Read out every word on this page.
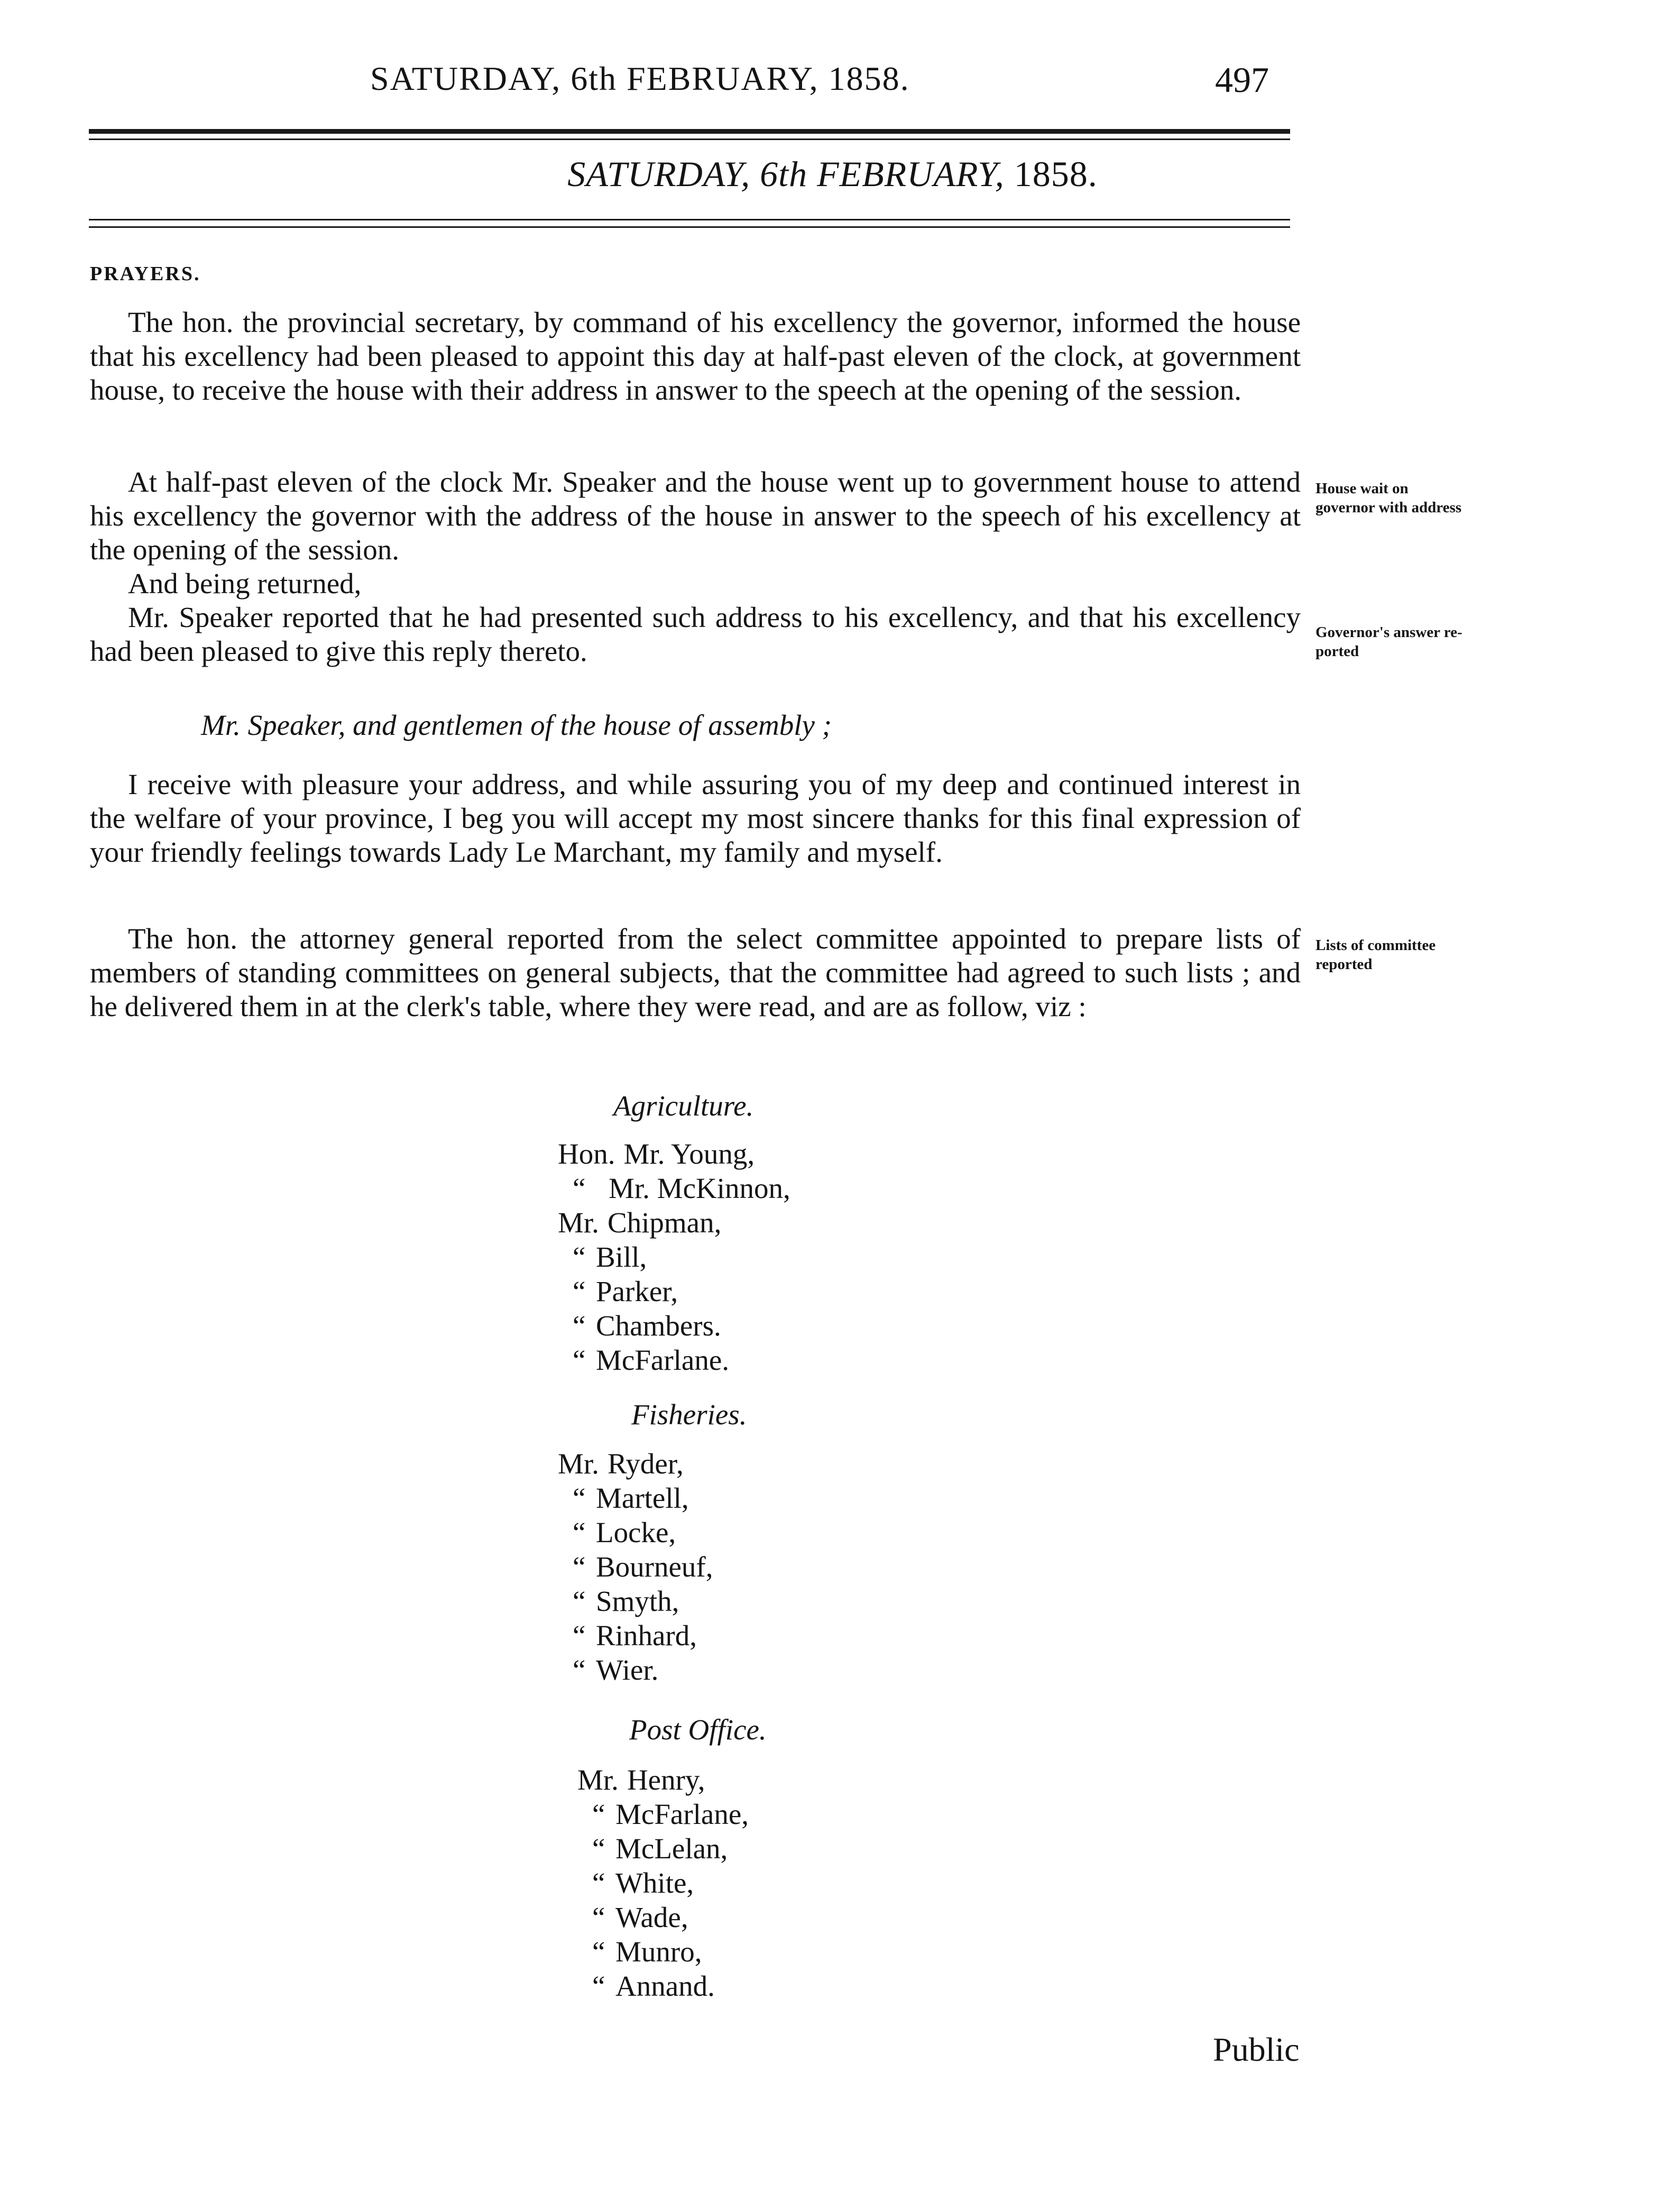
SATURDAY, 6th FEBRUARY, 1858.	497
SATURDAY, 6th FEBRUARY, 1858.
PRAYERS.
The hon. the provincial secretary, by command of his excellency the governor, informed the house that his excellency had been pleased to appoint this day at half-past eleven of the clock, at government house, to receive the house with their address in answer to the speech at the opening of the session.
At half-past eleven of the clock Mr. Speaker and the house went up to government house to attend his excellency the governor with the address of the house in answer to the speech of his excellency at the opening of the session.
House wait on
governor with address
And being returned,
Mr. Speaker reported that he had presented such address to his excellency, and that his excellency had been pleased to give this reply thereto.
Governor's answer re-
ported
Mr. Speaker, and gentlemen of the house of assembly ;
I receive with pleasure your address, and while assuring you of my deep and continued interest in the welfare of your province, I beg you will accept my most sincere thanks for this final expression of your friendly feelings towards Lady Le Marchant, my family and myself.
The hon. the attorney general reported from the select committee appointed to prepare lists of members of standing committees on general subjects, that the committee had agreed to such lists ; and he delivered them in at the clerk's table, where they were read, and are as follow, viz :
Lists of committee
reported
Agriculture.
Hon. Mr. Young,
“ Mr. McKinnon,
Mr. Chipman,
“ Bill,
“ Parker,
“ Chambers.
“ McFarlane.
Fisheries.
Mr. Ryder,
“ Martell,
“ Locke,
“ Bourneuf,
“ Smyth,
“ Rinhard,
“ Wier.
Post Office.
Mr. Henry,
“ McFarlane,
“ McLelan,
“ White,
“ Wade,
“ Munro,
“ Annand.
Public
